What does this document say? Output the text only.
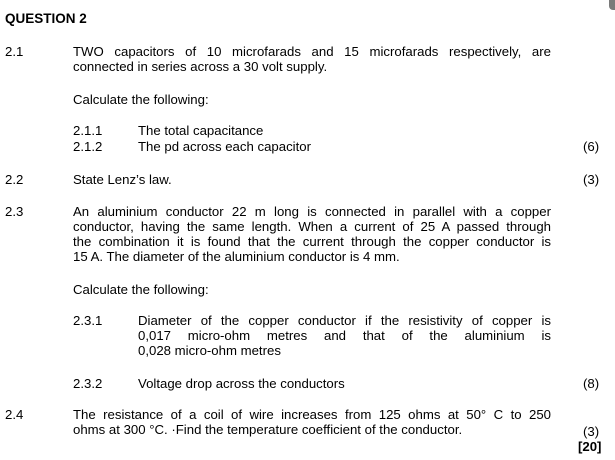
QUESTION 2
2.1	TWO capacitors of 10 microfarads and 15 microfarads respectively, are
connected in series across a 30 volt supply.
Calculate the following:
2.1.1	The total capacitance
2.1.2	The pd across each capacitor	(6)
2.2	State Lenz’s law.	(3)
2.3	An aluminium conductor 22 m long is connected in parallel with a copper
conductor, having the same length. When a current of 25 A passed through
the combination it is found that the current through the copper conductor is
15 A. The diameter of the aluminium conductor is 4 mm.
Calculate the following:
2.3.1	Diameter of the copper conductor if the resistivity of copper is
0,017 micro-ohm metres and that of the aluminium is
0,028 micro-ohm metres
2.3.2	Voltage drop across the conductors	(8)
2.4	The resistance of a coil of wire increases from 125 ohms at 50° C to 250
ohms at 300 °C. ·Find the temperature coefficient of the conductor.	(3)
[20]
